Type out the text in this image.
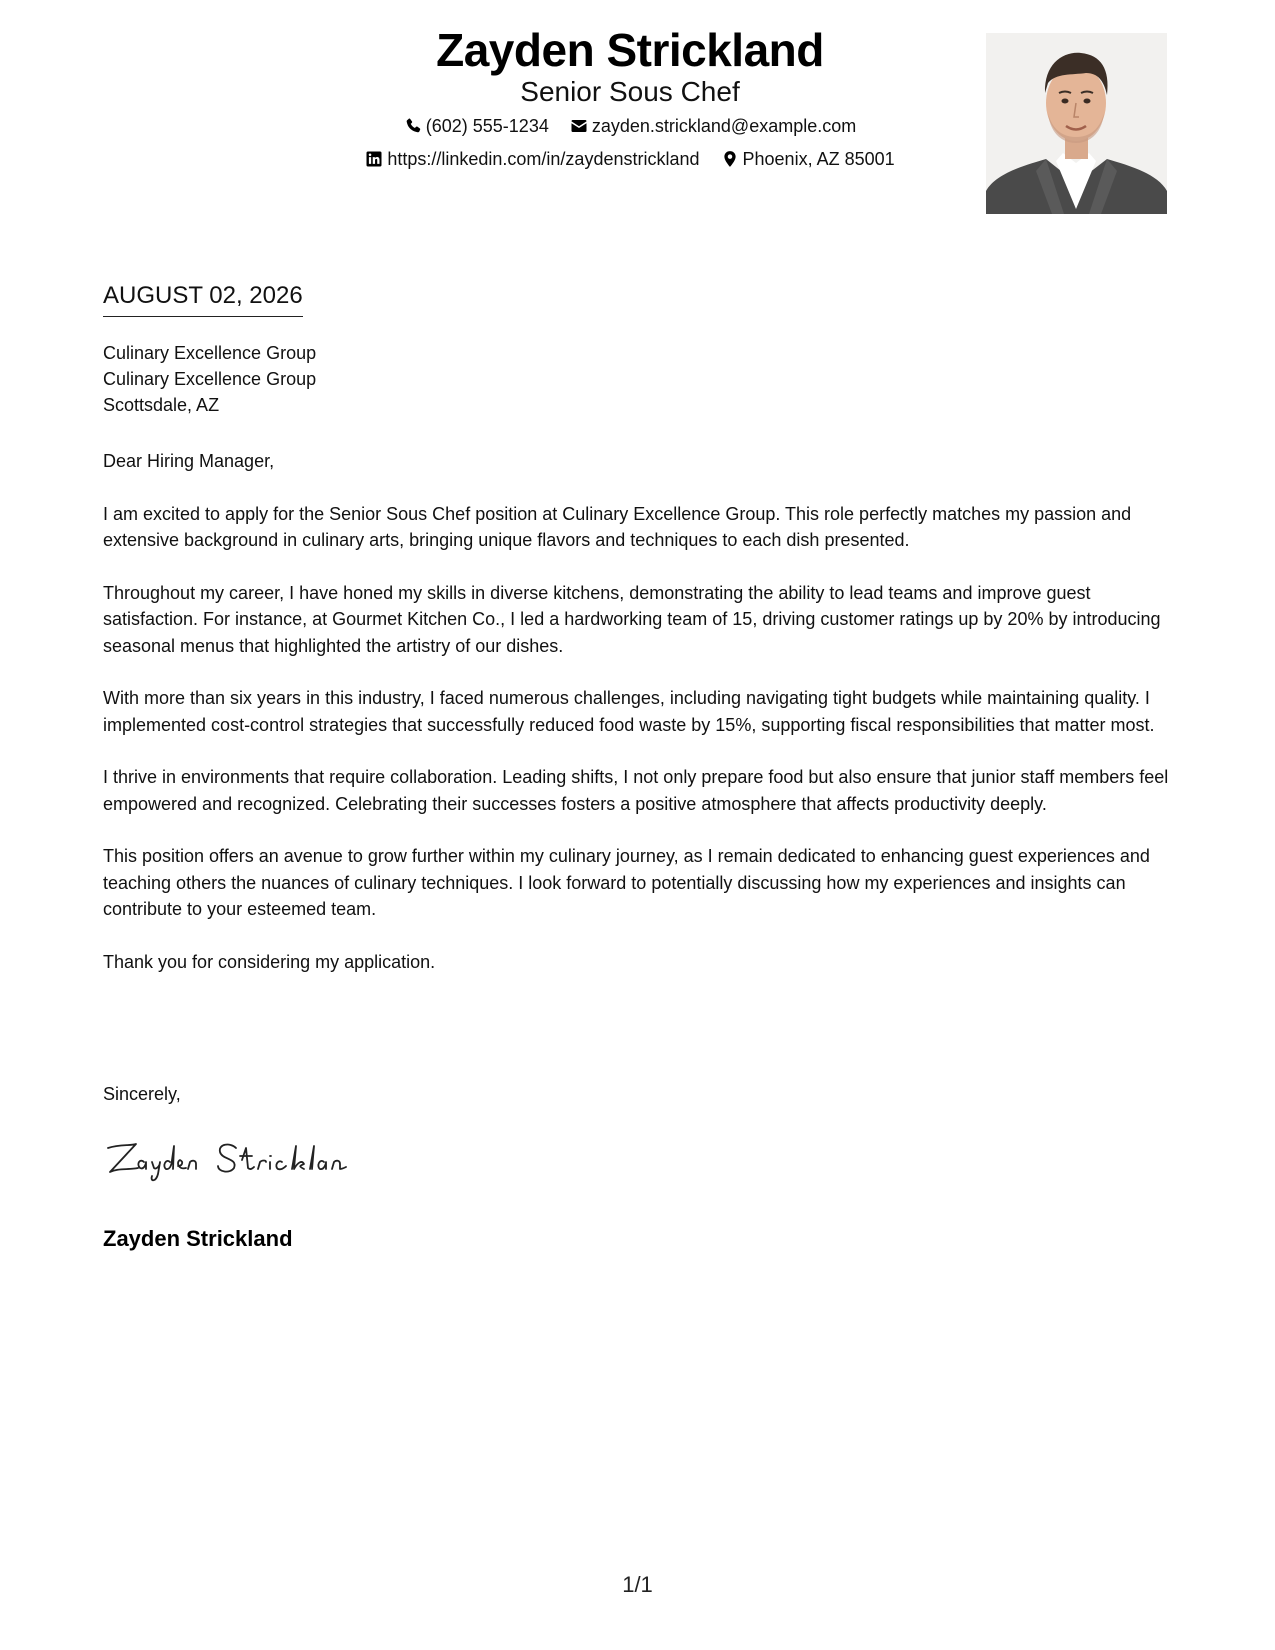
Zayden Strickland
Senior Sous Chef
(602) 555-1234
zayden.strickland@example.com
https://linkedin.com/in/zaydenstrickland
Phoenix, AZ 85001
AUGUST 02, 2026
Culinary Excellence Group
Culinary Excellence Group
Scottsdale, AZ

Dear Hiring Manager,

I am excited to apply for the Senior Sous Chef position at Culinary Excellence Group. This role perfectly matches my passion and extensive background in culinary arts, bringing unique flavors and techniques to each dish presented.

Throughout my career, I have honed my skills in diverse kitchens, demonstrating the ability to lead teams and improve guest satisfaction. For instance, at Gourmet Kitchen Co., I led a hardworking team of 15, driving customer ratings up by 20% by introducing seasonal menus that highlighted the artistry of our dishes.

With more than six years in this industry, I faced numerous challenges, including navigating tight budgets while maintaining quality. I implemented cost-control strategies that successfully reduced food waste by 15%, supporting fiscal responsibilities that matter most.

I thrive in environments that require collaboration. Leading shifts, I not only prepare food but also ensure that junior staff members feel empowered and recognized. Celebrating their successes fosters a positive atmosphere that affects productivity deeply.

This position offers an avenue to grow further within my culinary journey, as I remain dedicated to enhancing guest experiences and teaching others the nuances of culinary techniques. I look forward to potentially discussing how my experiences and insights can contribute to your esteemed team.

Thank you for considering my application.

Sincerely,
Zayden Strickland
1/1
